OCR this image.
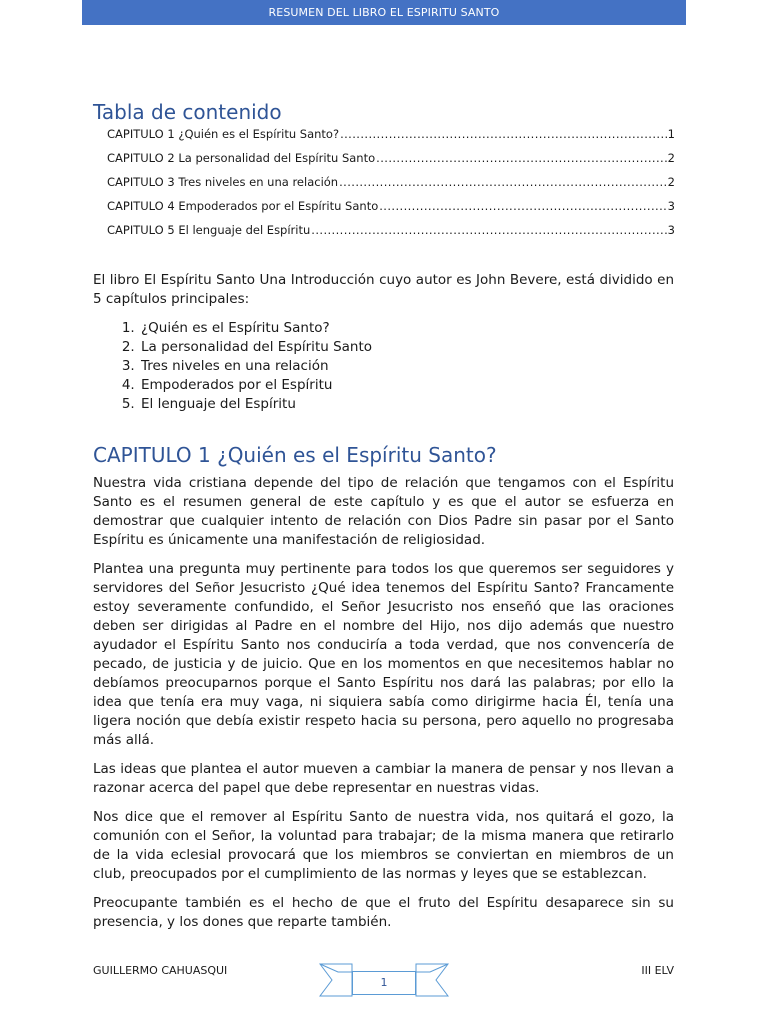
RESUMEN DEL LIBRO EL ESPIRITU SANTO
Tabla de contenido
CAPITULO 1 ¿Quién es el Espíritu Santo? .....	1
CAPITULO 2 La personalidad del Espíritu Santo .....	2
CAPITULO 3 Tres niveles en una relación .....	2
CAPITULO 4 Empoderados por el Espíritu Santo .....	3
CAPITULO 5 El lenguaje del Espíritu .....	3

El libro El Espíritu Santo Una Introducción cuyo autor es John Bevere, está dividido en 5 capítulos principales:

1. ¿Quién es el Espíritu Santo?
2. La personalidad del Espíritu Santo
3. Tres niveles en una relación
4. Empoderados por el Espíritu
5. El lenguaje del Espíritu
CAPITULO 1 ¿Quién es el Espíritu Santo?

Nuestra vida cristiana depende del tipo de relación que tengamos con el Espíritu Santo es el resumen general de este capítulo y es que el autor se esfuerza en demostrar que cualquier intento de relación con Dios Padre sin pasar por el Santo Espíritu es únicamente una manifestación de religiosidad.

Plantea una pregunta muy pertinente para todos los que queremos ser seguidores y servidores del Señor Jesucristo ¿Qué idea tenemos del Espíritu Santo? Francamente estoy severamente confundido, el Señor Jesucristo nos enseñó que las oraciones deben ser dirigidas al Padre en el nombre del Hijo, nos dijo además que nuestro ayudador el Espíritu Santo nos conduciría a toda verdad, que nos convencería de pecado, de justicia y de juicio. Que en los momentos en que necesitemos hablar no debíamos preocuparnos porque el Santo Espíritu nos dará las palabras; por ello la idea que tenía era muy vaga, ni siquiera sabía como dirigirme hacia Él, tenía una ligera noción que debía existir respeto hacia su persona, pero aquello no progresaba más allá.

Las ideas que plantea el autor mueven a cambiar la manera de pensar y nos llevan a razonar acerca del papel que debe representar en nuestras vidas.

Nos dice que el remover al Espíritu Santo de nuestra vida, nos quitará el gozo, la comunión con el Señor, la voluntad para trabajar; de la misma manera que retirarlo de la vida eclesial provocará que los miembros se conviertan en miembros de un club, preocupados por el cumplimiento de las normas y leyes que se establezcan.

Preocupante también es el hecho de que el fruto del Espíritu desaparece sin su presencia, y los dones que reparte también.

GUILLERMO CAHUASQUI	III ELV
1
